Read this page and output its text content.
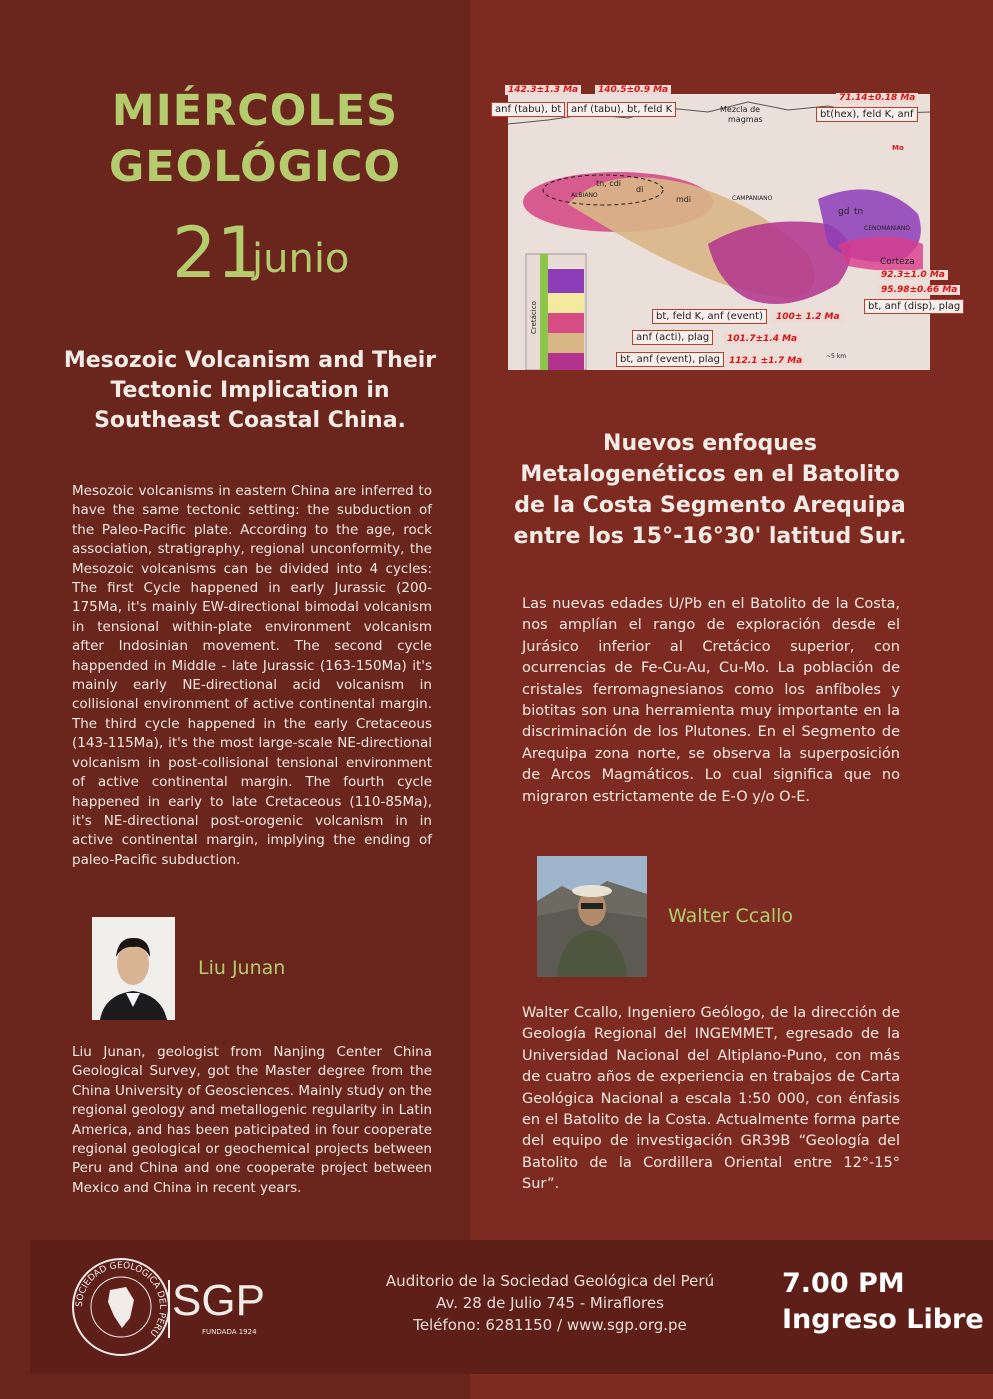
MIÉRCOLES
GEOLÓGICO
21
junio
Mesozoic Volcanism and Their
Tectonic Implication in
Southeast Coastal China.
Mesozoic volcanisms in eastern China are inferred to have the same tectonic setting: the subduction of the Paleo-Pacific plate. According to the age, rock association, stratigraphy, regional unconformity, the Mesozoic volcanisms can be divided into 4 cycles: The first Cycle happened in early Jurassic (200-175Ma, it's mainly EW-directional bimodal volcanism in tensional within-plate environment volcanism after Indosinian movement. The second cycle happended in Middle - late Jurassic (163-150Ma) it's mainly early NE-directional acid volcanism in collisional environment of active continental margin. The third cycle happened in the early Cretaceous (143-115Ma), it's the most large-scale NE-directional volcanism in post-collisional tensional environment of active continental margin. The fourth cycle happened in early to late Cretaceous (110-85Ma), it's NE-directional post-orogenic volcanism in in active continental margin, implying the ending of paleo-Pacific subduction.
Liu Junan
Liu Junan, geologist from Nanjing Center China Geological Survey, got the Master degree from the China University of Geosciences. Mainly study on the regional geology and metallogenic regularity in Latin America, and has been paticipated in four cooperate regional geological or geochemical projects between Peru and China and one cooperate project between Mexico and China in recent years.
Mezcla de
magmas
Corteza
ALBIANO	CAMPANIANO
CENOMANIANO
mdi
di
gd tn
tn, cdi
Mo
~5 km
Cretácico
anf (tabu), bt anf (tabu), bt, feld K	bt(hex), feld K, anf
bt, feld K, anf (event)
anf (acti), plag
bt, anf (event), plag
bt, anf (disp), plag
142.3±1.3 Ma	140.5±0.9 Ma
71.14±0.18 Ma
100± 1.2 Ma
101.7±1.4 Ma
112.1 ±1.7 Ma
92.3±1.0 Ma
95.98±0.66 Ma
Nuevos enfoques
Metalogenéticos en el Batolito
de la Costa Segmento Arequipa
entre los 15°-16°30' latitud Sur.
Las nuevas edades U/Pb en el Batolito de la Costa, nos amplían el rango de exploración desde el Jurásico inferior al Cretácico superior, con ocurrencias de Fe-Cu-Au, Cu-Mo. La población de cristales ferromagnesianos como los anfíboles y biotitas son una herramienta muy importante en la discriminación de los Plutones. En el Segmento de Arequipa zona norte, se observa la superposición de Arcos Magmáticos. Lo cual significa que no migraron estrictamente de E-O y/o O-E.
Walter Ccallo
Walter Ccallo, Ingeniero Geólogo, de la dirección de Geología Regional del INGEMMET, egresado de la Universidad Nacional del Altiplano-Puno, con más de cuatro años de experiencia en trabajos de Carta Geológica Nacional a escala 1:50 000, con énfasis en el Batolito de la Costa. Actualmente forma parte del equipo de investigación GR39B “Geología del Batolito de la Cordillera Oriental entre 12°-15° Sur”.
SOCIEDAD GEOLÓGICA DEL PERÚ
SGP
FUNDADA 1924
Auditorio de la Sociedad Geológica del Perú
Av. 28 de Julio 745 - Miraflores
Teléfono: 6281150 / www.sgp.org.pe
7.00 PM
Ingreso Libre
